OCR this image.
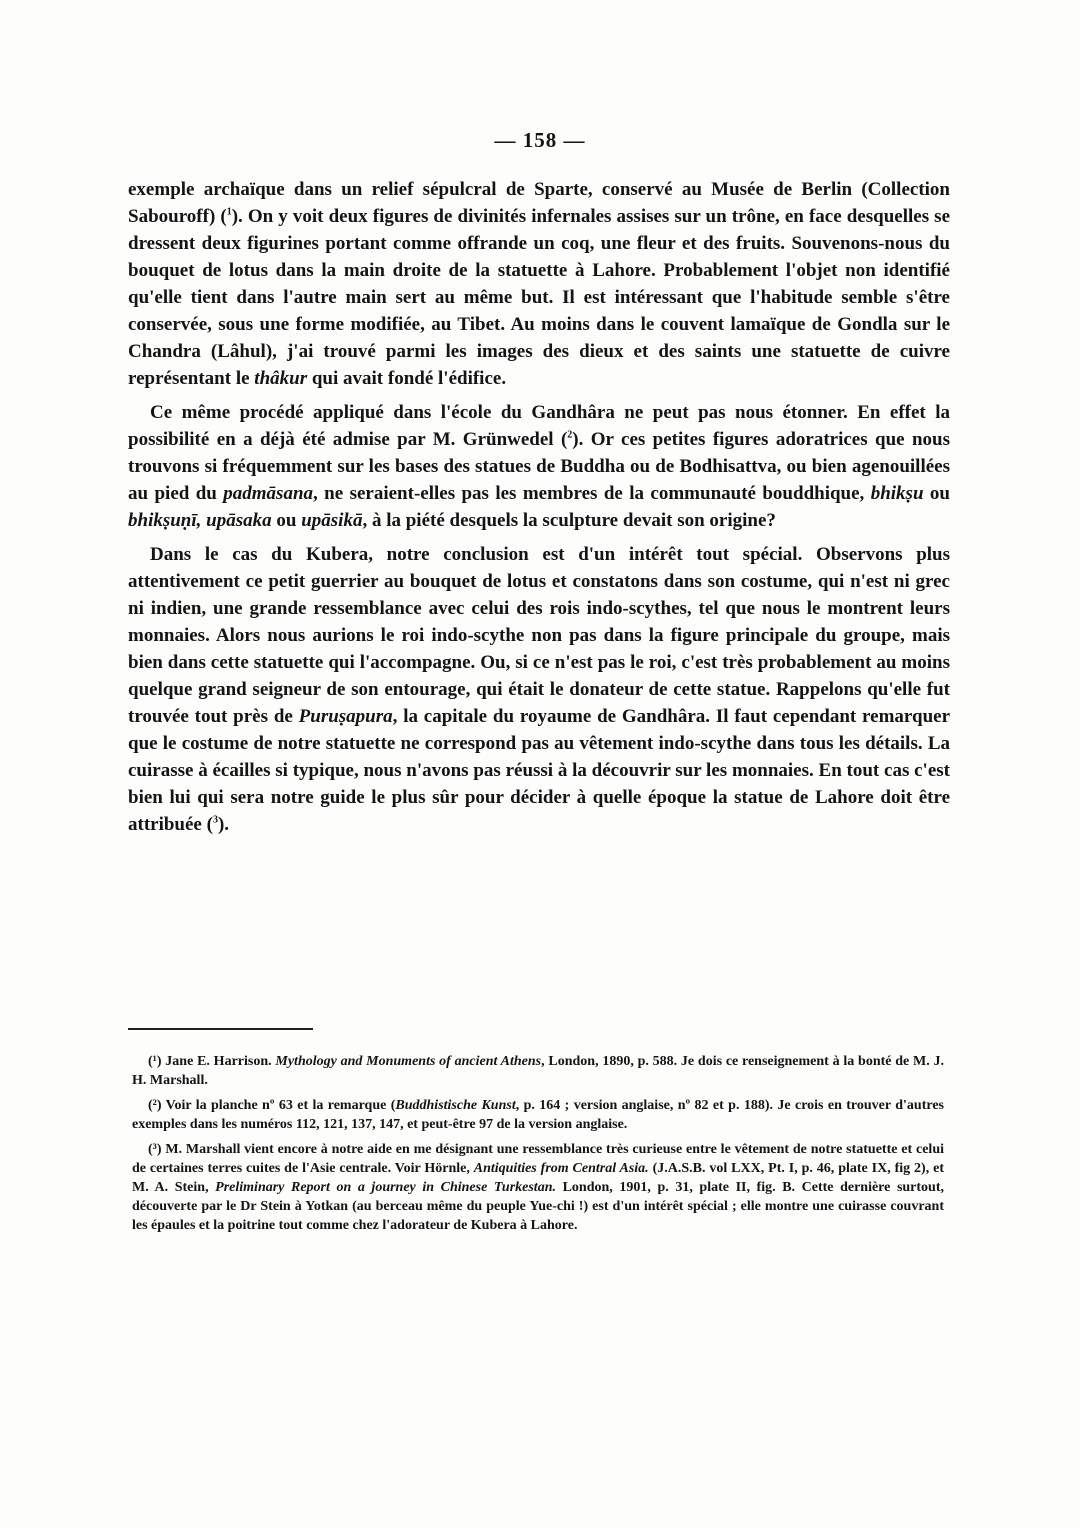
— 158 —

exemple archaïque dans un relief sépulcral de Sparte, conservé au Musée de Berlin (Collection Sabouroff) ($^1$). On y voit deux figures de divinités infernales assises sur un trône, en face desquelles se dressent deux figurines portant comme offrande un coq, une fleur et des fruits. Souvenons-nous du bouquet de lotus dans la main droite de la statuette à Lahore. Probablement l'objet non identifié qu'elle tient dans l'autre main sert au même but. Il est intéressant que l'habitude semble s'être conservée, sous une forme modifiée, au Tibet. Au moins dans le couvent lamaïque de Gondla sur le Chandra (Lâhul), j'ai trouvé parmi les images des dieux et des saints une statuette de cuivre représentant le thâkur qui avait fondé l'édifice.

Ce même procédé appliqué dans l'école du Gandhâra ne peut pas nous étonner. En effet la possibilité en a déjà été admise par M. Grünwedel ($^2$). Or ces petites figures adoratrices que nous trouvons si fréquemment sur les bases des statues de Buddha ou de Bodhisattva, ou bien agenouillées au pied du padmāsana, ne seraient-elles pas les membres de la communauté bouddhique, bhikṣu ou bhikṣuṇī, upāsaka ou upāsikā, à la piété desquels la sculpture devait son origine?

Dans le cas du Kubera, notre conclusion est d'un intérêt tout spécial. Observons plus attentivement ce petit guerrier au bouquet de lotus et constatons dans son costume, qui n'est ni grec ni indien, une grande ressemblance avec celui des rois indo-scythes, tel que nous le montrent leurs monnaies. Alors nous aurions le roi indo-scythe non pas dans la figure principale du groupe, mais bien dans cette statuette qui l'accompagne. Ou, si ce n'est pas le roi, c'est très probablement au moins quelque grand seigneur de son entourage, qui était le donateur de cette statue. Rappelons qu'elle fut trouvée tout près de Puruṣapura, la capitale du royaume de Gandhâra. Il faut cependant remarquer que le costume de notre statuette ne correspond pas au vêtement indo-scythe dans tous les détails. La cuirasse à écailles si typique, nous n'avons pas réussi à la découvrir sur les monnaies. En tout cas c'est bien lui qui sera notre guide le plus sûr pour décider à quelle époque la statue de Lahore doit être attribuée ($^3$).

(¹) Jane E. Harrison. Mythology and Monuments of ancient Athens, London, 1890, p. 588. Je dois ce renseignement à la bonté de M. J. H. Marshall.

(²) Voir la planche nº 63 et la remarque (Buddhistische Kunst, p. 164 ; version anglaise, nº 82 et p. 188). Je crois en trouver d'autres exemples dans les numéros 112, 121, 137, 147, et peut-être 97 de la version anglaise.

(³) M. Marshall vient encore à notre aide en me désignant une ressemblance très curieuse entre le vêtement de notre statuette et celui de certaines terres cuites de l'Asie centrale. Voir Hörnle, Antiquities from Central Asia. (J.A.S.B. vol LXX, Pt. I, p. 46, plate IX, fig 2), et M. A. Stein, Preliminary Report on a journey in Chinese Turkestan. London, 1901, p. 31, plate II, fig. B. Cette dernière surtout, découverte par le Dr Stein à Yotkan (au berceau même du peuple Yue-chi !) est d'un intérêt spécial ; elle montre une cuirasse couvrant les épaules et la poitrine tout comme chez l'adorateur de Kubera à Lahore.
